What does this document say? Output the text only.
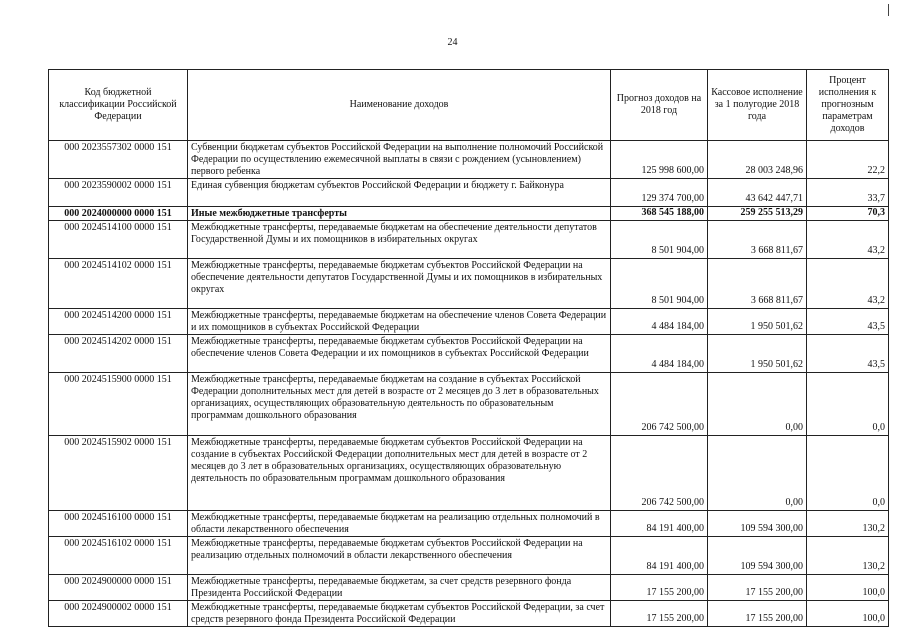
24
Код бюджетной классификации Российской Федерации	Наименование доходов	Прогноз доходов на 2018 год	Кассовое исполнение за 1 полугодие 2018 года	Процент исполнения к прогнозным параметрам доходов
000 2023557302 0000 151	Субвенции бюджетам субъектов Российской Федерации на выполнение полномочий Российской Федерации по осуществлению ежемесячной выплаты в связи с рождением (усыновлением) первого ребенка	125 998 600,00	28 003 248,96	22,2
000 2023590002 0000 151	Единая субвенция бюджетам субъектов Российской Федерации и бюджету г. Байконура	129 374 700,00	43 642 447,71	33,7
000 2024000000 0000 151	Иные межбюджетные трансферты	368 545 188,00	259 255 513,29	70,3
000 2024514100 0000 151	Межбюджетные трансферты, передаваемые бюджетам на обеспечение деятельности депутатов Государственной Думы и их помощников в избирательных округах	8 501 904,00	3 668 811,67	43,2
000 2024514102 0000 151	Межбюджетные трансферты, передаваемые бюджетам субъектов Российской Федерации на обеспечение деятельности депутатов Государственной Думы и их помощников в избирательных округах	8 501 904,00	3 668 811,67	43,2
000 2024514200 0000 151	Межбюджетные трансферты, передаваемые бюджетам на обеспечение членов Совета Федерации и их помощников в субъектах Российской Федерации	4 484 184,00	1 950 501,62	43,5
000 2024514202 0000 151	Межбюджетные трансферты, передаваемые бюджетам субъектов Российской Федерации на обеспечение членов Совета Федерации и их помощников в субъектах Российской Федерации	4 484 184,00	1 950 501,62	43,5
000 2024515900 0000 151	Межбюджетные трансферты, передаваемые бюджетам на создание в субъектах Российской Федерации дополнительных мест для детей в возрасте от 2 месяцев до 3 лет в образовательных организациях, осуществляющих образовательную деятельность по образовательным программам дошкольного образования	206 742 500,00	0,00	0,0
000 2024515902 0000 151	Межбюджетные трансферты, передаваемые бюджетам субъектов Российской Федерации на создание в субъектах Российской Федерации дополнительных мест для детей в возрасте от 2 месяцев до 3 лет в образовательных организациях, осуществляющих образовательную деятельность по образовательным программам дошкольного образования	206 742 500,00	0,00	0,0
000 2024516100 0000 151	Межбюджетные трансферты, передаваемые бюджетам на реализацию отдельных полномочий в области лекарственного обеспечения	84 191 400,00	109 594 300,00	130,2
000 2024516102 0000 151	Межбюджетные трансферты, передаваемые бюджетам субъектов Российской Федерации на реализацию отдельных полномочий в области лекарственного обеспечения	84 191 400,00	109 594 300,00	130,2
000 2024900000 0000 151	Межбюджетные трансферты, передаваемые бюджетам, за счет средств резервного фонда Президента Российской Федерации	17 155 200,00	17 155 200,00	100,0
000 2024900002 0000 151	Межбюджетные трансферты, передаваемые бюджетам субъектов Российской Федерации, за счет средств резервного фонда Президента Российской Федерации	17 155 200,00	17 155 200,00	100,0
